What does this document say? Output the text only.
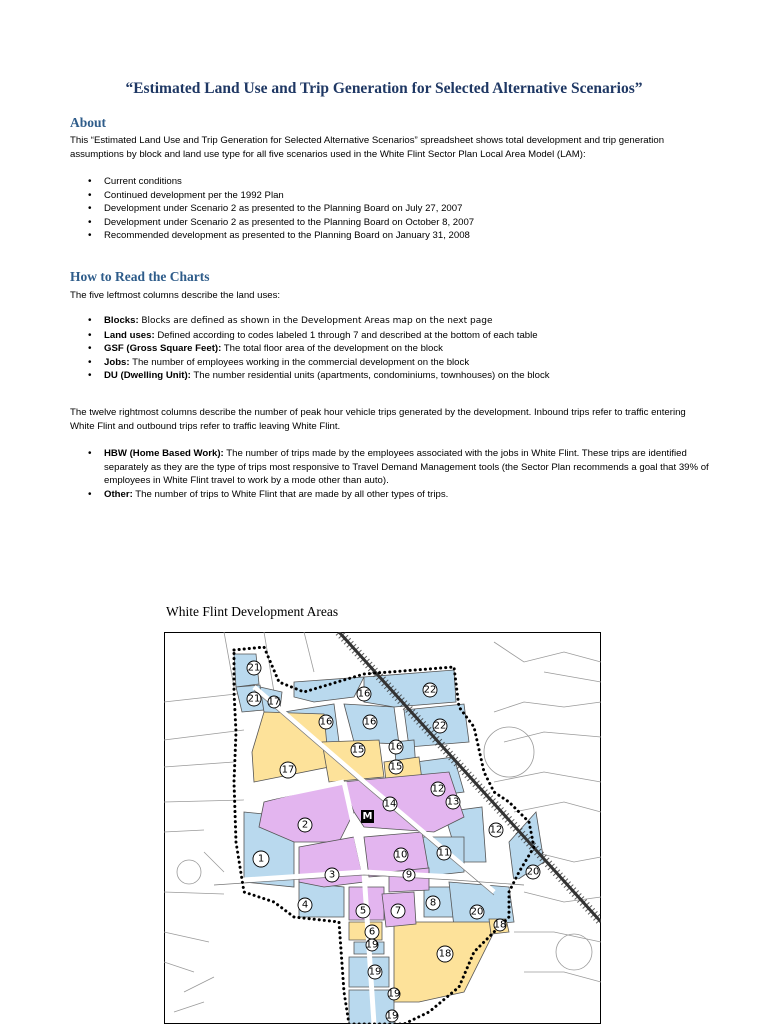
“Estimated Land Use and Trip Generation for Selected Alternative Scenarios”
About
This “Estimated Land Use and Trip Generation for Selected Alternative Scenarios” spreadsheet shows total development and trip generation assumptions by block and land use type for all five scenarios used in the White Flint Sector Plan Local Area Model (LAM):
• Current conditions
• Continued development per the 1992 Plan
• Development under Scenario 2 as presented to the Planning Board on July 27, 2007
• Development under Scenario 2 as presented to the Planning Board on October 8, 2007
• Recommended development as presented to the Planning Board on January 31, 2008
How to Read the Charts
The five leftmost columns describe the land uses:
• Blocks: Blocks are defined as shown in the Development Areas map on the next page
• Land uses: Defined according to codes labeled 1 through 7 and described at the bottom of each table
• GSF (Gross Square Feet): The total floor area of the development on the block
• Jobs: The number of employees working in the commercial development on the block
• DU (Dwelling Unit): The number residential units (apartments, condominiums, townhouses) on the block
The twelve rightmost columns describe the number of peak hour vehicle trips generated by the development. Inbound trips refer to traffic entering White Flint and outbound trips refer to traffic leaving White Flint.
• HBW (Home Based Work): The number of trips made by the employees associated with the jobs in White Flint. These trips are identified separately as they are the type of trips most responsive to Travel Demand Management tools (the Sector Plan recommends a goal that 39% of employees in White Flint travel to work by a mode other than auto).
• Other: The number of trips to White Flint that are made by all other types of trips.
White Flint Development Areas
21
21 17
16	22
16	16	22
15	16
15
17
12
13
14
2
1
3
10	11
12
9	20
4
5	7
8
20
18
6
19
19
18
19
19
M
